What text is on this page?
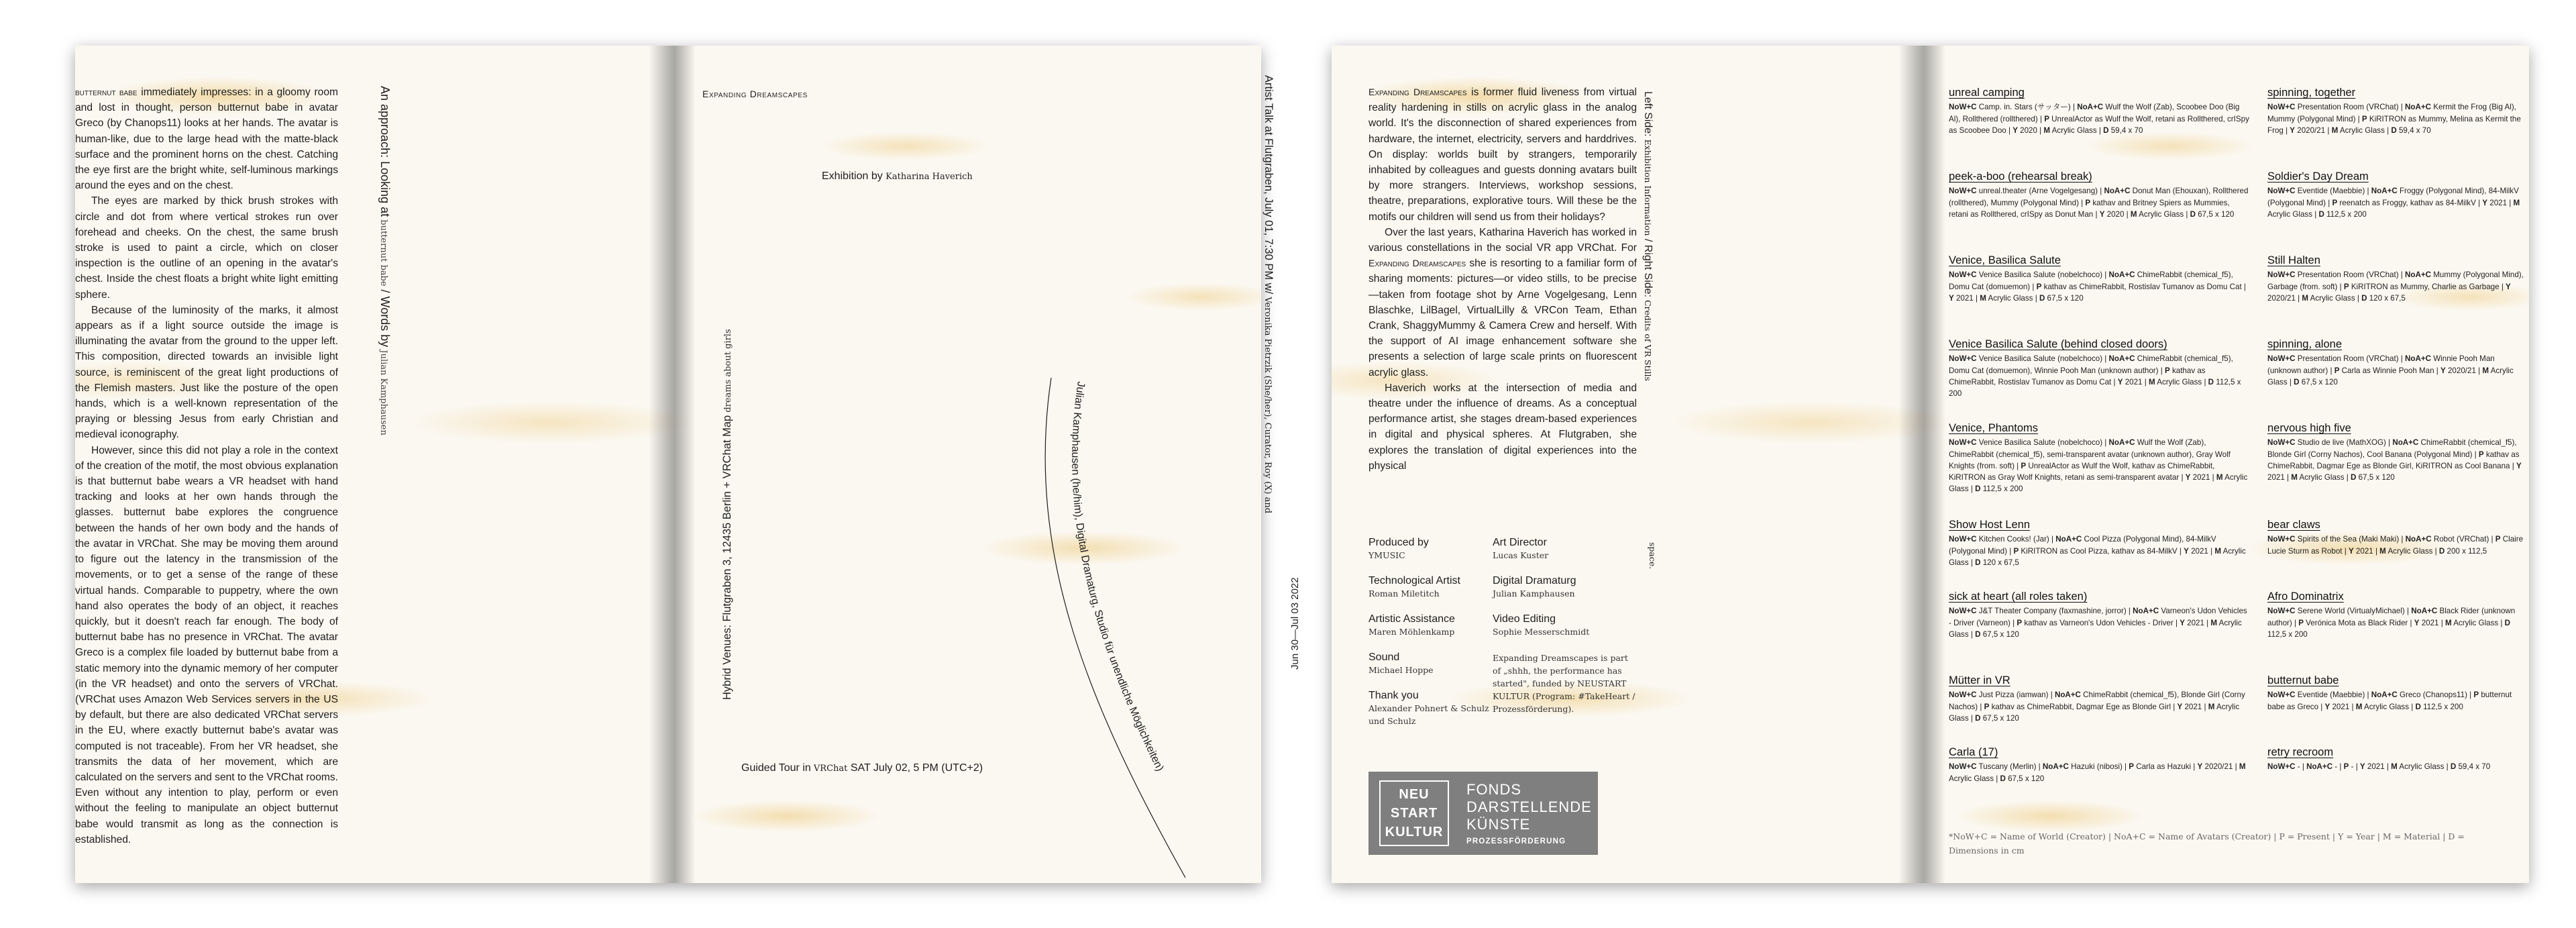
butternut babe immediately impresses: in a gloomy room and lost in thought, person butternut babe in avatar Greco (by Chanops11) looks at her hands. The avatar is human-like, due to the large head with the matte-black surface and the prominent horns on the chest. Catching the eye first are the bright white, self-luminous markings around the eyes and on the chest.

The eyes are marked by thick brush strokes with circle and dot from where vertical strokes run over forehead and cheeks. On the chest, the same brush stroke is used to paint a circle, which on closer inspection is the outline of an opening in the avatar's chest. Inside the chest floats a bright white light emitting sphere.

Because of the luminosity of the marks, it almost appears as if a light source outside the image is illuminating the avatar from the ground to the upper left. This composition, directed towards an invisible light source, is reminiscent of the great light productions of the Flemish masters. Just like the posture of the open hands, which is a well-known representation of the praying or blessing Jesus from early Christian and medieval iconography.

However, since this did not play a role in the context of the creation of the motif, the most obvious explanation is that butternut babe wears a VR headset with hand tracking and looks at her own hands through the glasses. butternut babe explores the congruence between the hands of her own body and the hands of the avatar in VRChat. She may be moving them around to figure out the latency in the transmission of the movements, or to get a sense of the range of these virtual hands. Comparable to puppetry, where the own hand also operates the body of an object, it reaches quickly, but it doesn't reach far enough. The body of butternut babe has no presence in VRChat. The avatar Greco is a complex file loaded by butternut babe from a static memory into the dynamic memory of her computer (in the VR headset) and onto the servers of VRChat. (VRChat uses Amazon Web Services servers in the US by default, but there are also dedicated VRChat servers in the EU, where exactly butternut babe's avatar was computed is not traceable). From her VR headset, she transmits the data of her movement, which are calculated on the servers and sent to the VRChat rooms. Even without any intention to play, perform or even without the feeling to manipulate an object butternut babe would transmit as long as the connection is established.

An approach: Looking at butternut babe / Words by Julian Kamphausen
Expanding Dreamscapes
Exhibition by Katharina Haverich	Artist Talk at Flutgraben, July 01, 7:30 PM w/ Veronika Pietrzik (She/her), Curator, Roy (X) and
Julian Kamphausen (he/him), Digital Dramaturg, Studio für unendliche Möglichkeiten)
Hybrid Venues: Flutgraben 3, 12435 Berlin + VRChat Map dreams about girls
Jun 30—Jul 03 2022
Guided Tour in VRChat SAT July 02, 5 PM (UTC+2)

Expanding Dreamscapes is former fluid liveness from virtual reality hardening in stills on acrylic glass in the analog world. It's the disconnection of shared experiences from hardware, the internet, electricity, servers and harddrives. On display: worlds built by strangers, temporarily inhabited by colleagues and guests donning avatars built by more strangers. Interviews, workshop sessions, theatre, preparations, explorative tours. Will these be the motifs our children will send us from their holidays?

Over the last years, Katharina Haverich has worked in various constellations in the social VR app VRChat. For Expanding Dreamscapes she is resorting to a familiar form of sharing moments: pictures—or video stills, to be precise—taken from footage shot by Arne Vogelgesang, Lenn Blaschke, LilBagel, VirtualLilly & VRCon Team, Ethan Crank, ShaggyMummy & Camera Crew and herself. With the support of AI image enhancement software she presents a selection of large scale prints on fluorescent acrylic glass.

Haverich works at the intersection of media and theatre under the influence of dreams. As a conceptual performance artist, she stages dream-based experiences in digital and physical spheres. At Flutgraben, she explores the translation of digital experiences into the physical

Produced by
YMUSIC
Art Director
Lucas Kuster
Technological Artist
Roman Miletitch
Digital Dramaturg
Julian Kamphausen
Artistic Assistance
Maren Möhlenkamp
Video Editing
Sophie Messerschmidt
Sound
Michael Hoppe
Expanding Dreamscapes is part of „shhh, the performance has started", funded by NEUSTART KULTUR (Program: #TakeHeart / Prozessförderung).
Thank you
Alexander Pohnert & Schulz und Schulz
NEU
START
KULTUR
FONDS
DARSTELLENDE
KÜNSTE
PROZESSFÖRDERUNG
Left Side: Exhibition Information / Right Side: Credits of VR Stills
space.
unreal camping
NoW+C Camp. in. Stars (サッター) | NoA+C Wulf the Wolf (Zab), Scoobee Doo (Big Al), Rollthered (rollthered) | P UnrealActor as Wulf the Wolf, retani as Rollthered, crISpy as Scoobee Doo | Y 2020 | M Acrylic Glass | D 59,4 x 70
peek-a-boo (rehearsal break)
NoW+C unreal.theater (Arne Vogelgesang) | NoA+C Donut Man (Ehouxan), Rollthered (rollthered), Mummy (Polygonal Mind) | P kathav and Britney Spiers as Mummies, retani as Rollthered, crISpy as Donut Man | Y 2020 | M Acrylic Glass | D 67,5 x 120
Venice, Basilica Salute
NoW+C Venice Basilica Salute (nobelchoco) | NoA+C ChimeRabbit (chemical_f5), Domu Cat (domuemon) | P kathav as ChimeRabbit, Rostislav Tumanov as Domu Cat | Y 2021 | M Acrylic Glass | D 67,5 x 120
Venice Basilica Salute (behind closed doors)
NoW+C Venice Basilica Salute (nobelchoco) | NoA+C ChimeRabbit (chemical_f5), Domu Cat (domuemon), Winnie Pooh Man (unknown author) | P kathav as ChimeRabbit, Rostislav Tumanov as Domu Cat | Y 2021 | M Acrylic Glass | D 112,5 x 200
Venice, Phantoms
NoW+C Venice Basilica Salute (nobelchoco) | NoA+C Wulf the Wolf (Zab), ChimeRabbit (chemical_f5), semi-transparent avatar (unknown author), Gray Wolf Knights (from. soft) | P UnrealActor as Wulf the Wolf, kathav as ChimeRabbit, KiRITRON as Gray Wolf Knights, retani as semi-transparent avatar | Y 2021 | M Acrylic Glass | D 112,5 x 200
Show Host Lenn
NoW+C Kitchen Cooks! (Jar) | NoA+C Cool Pizza (Polygonal Mind), 84-MilkV (Polygonal Mind) | P KiRITRON as Cool Pizza, kathav as 84-MilkV | Y 2021 | M Acrylic Glass | D 120 x 67,5
sick at heart (all roles taken)
NoW+C J&T Theater Company (faxmashine, jorror) | NoA+C Varneon's Udon Vehicles - Driver (Varneon) | P kathav as Varneon's Udon Vehicles - Driver | Y 2021 | M Acrylic Glass | D 67,5 x 120
Mütter in VR
NoW+C Just Pizza (iamwan) | NoA+C ChimeRabbit (chemical_f5), Blonde Girl (Corny Nachos) | P kathav as ChimeRabbit, Dagmar Ege as Blonde Girl | Y 2021 | M Acrylic Glass | D 67,5 x 120
Carla (17)
NoW+C Tuscany (Merlin) | NoA+C Hazuki (nibosi) | P Carla as Hazuki | Y 2020/21 | M Acrylic Glass | D 67,5 x 120
spinning, together
NoW+C Presentation Room (VRChat) | NoA+C Kermit the Frog (Big Al), Mummy (Polygonal Mind) | P KiRITRON as Mummy, Melina as Kermit the Frog | Y 2020/21 | M Acrylic Glass | D 59,4 x 70
Soldier's Day Dream
NoW+C Eventide (Maebbie) | NoA+C Froggy (Polygonal Mind), 84-MilkV (Polygonal Mind) | P reenatch as Froggy, kathav as 84-MilkV | Y 2021 | M Acrylic Glass | D 112,5 x 200
Still Halten
NoW+C Presentation Room (VRChat) | NoA+C Mummy (Polygonal Mind), Garbage (from. soft) | P KiRITRON as Mummy, Charlie as Garbage | Y 2020/21 | M Acrylic Glass | D 120 x 67,5
spinning, alone
NoW+C Presentation Room (VRChat) | NoA+C Winnie Pooh Man (unknown author) | P Carla as Winnie Pooh Man | Y 2020/21 | M Acrylic Glass | D 67,5 x 120
nervous high five
NoW+C Studio de live (MathXOG) | NoA+C ChimeRabbit (chemical_f5), Blonde Girl (Corny Nachos), Cool Banana (Polygonal Mind) | P kathav as ChimeRabbit, Dagmar Ege as Blonde Girl, KiRITRON as Cool Banana | Y 2021 | M Acrylic Glass | D 67,5 x 120
bear claws
NoW+C Spirits of the Sea (Maki Maki) | NoA+C Robot (VRChat) | P Claire Lucie Sturm as Robot | Y 2021 | M Acrylic Glass | D 200 x 112,5
Afro Dominatrix
NoW+C Serene World (VirtualyMichael) | NoA+C Black Rider (unknown author) | P Verónica Mota as Black Rider | Y 2021 | M Acrylic Glass | D 112,5 x 200
butternut babe
NoW+C Eventide (Maebbie) | NoA+C Greco (Chanops11) | P butternut babe as Greco | Y 2021 | M Acrylic Glass | D 112,5 x 200
retry recroom
NoW+C - | NoA+C - | P - | Y 2021 | M Acrylic Glass | D 59,4 x 70
*NoW+C = Name of World (Creator) | NoA+C = Name of Avatars (Creator) | P = Present | Y = Year | M = Material | D = Dimensions in cm
